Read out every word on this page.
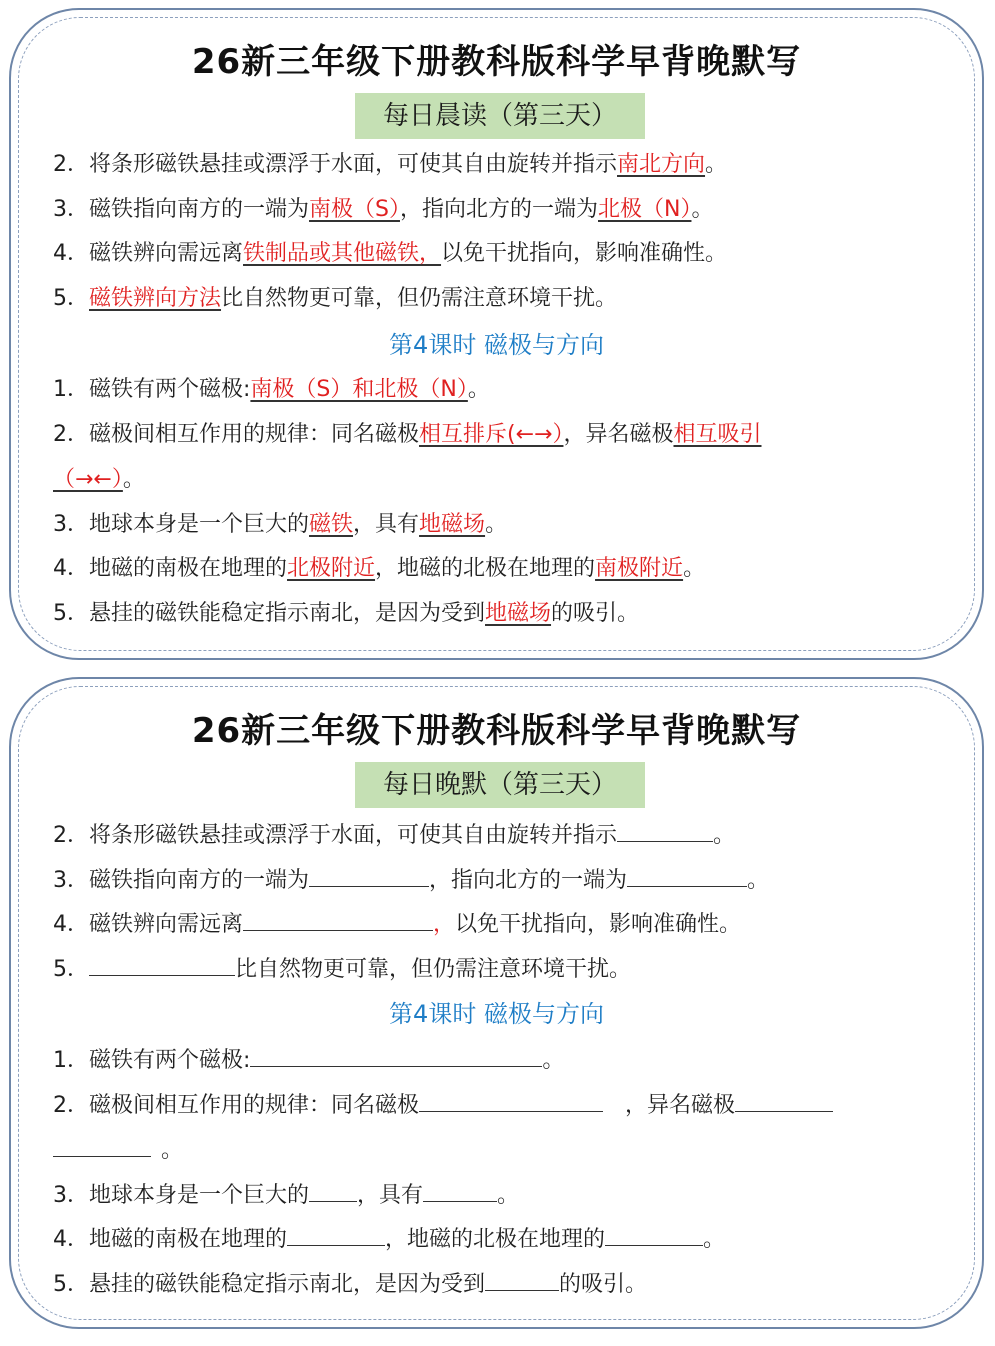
26新三年级下册教科版科学早背晚默写
每日晨读（第三天）
2．将条形磁铁悬挂或漂浮于水面，可使其自由旋转并指示南北方向。
3．磁铁指向南方的一端为南极（S），指向北方的一端为北极（N）。
4．磁铁辨向需远离铁制品或其他磁铁，以免干扰指向，影响准确性。
5．磁铁辨向方法比自然物更可靠，但仍需注意环境干扰。
第4课时 磁极与方向
1．磁铁有两个磁极:南极（S）和北极（N）。
2．磁极间相互作用的规律：同名磁极相互排斥(←→），异名磁极相互吸引
（→←）。
3．地球本身是一个巨大的磁铁，具有地磁场。
4．地磁的南极在地理的北极附近，地磁的北极在地理的南极附近。
5．悬挂的磁铁能稳定指示南北，是因为受到地磁场的吸引。
26新三年级下册教科版科学早背晚默写
每日晚默（第三天）
2．将条形磁铁悬挂或漂浮于水面，可使其自由旋转并指示	。
3．磁铁指向南方的一端为	，指向北方的一端为	。
4．磁铁辨向需远离	，以免干扰指向，影响准确性。
5．	比自然物更可靠，但仍需注意环境干扰。
第4课时 磁极与方向
1．磁铁有两个磁极:	。
2．磁极间相互作用的规律：同名磁极	，异名磁极
。
3．地球本身是一个巨大的 ，具有	。
4．地磁的南极在地理的	，地磁的北极在地理的	。
5．悬挂的磁铁能稳定指示南北，是因为受到	的吸引。
